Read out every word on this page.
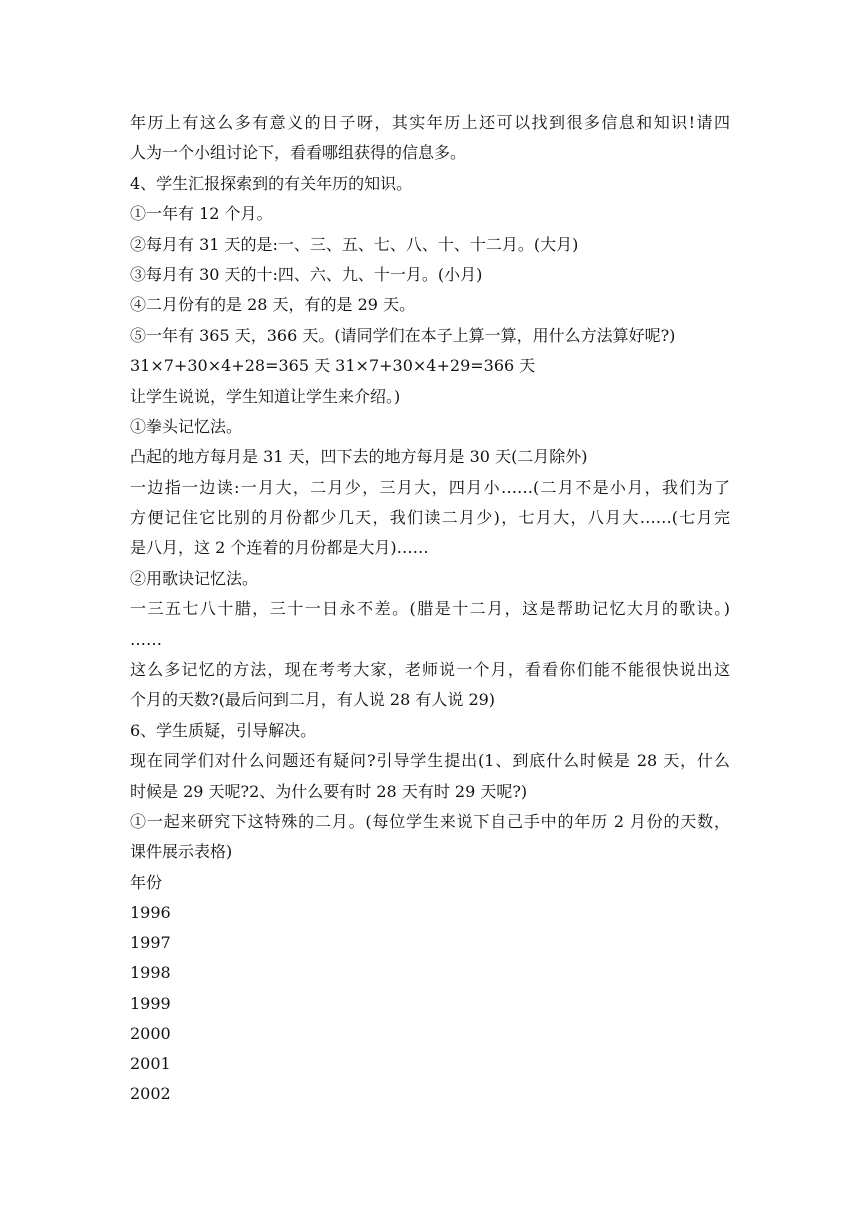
年历上有这么多有意义的日子呀，其实年历上还可以找到很多信息和知识!请四
人为一个小组讨论下，看看哪组获得的信息多。
4、学生汇报探索到的有关年历的知识。
①一年有 12 个月。
②每月有 31 天的是:一、三、五、七、八、十、十二月。(大月)
③每月有 30 天的十:四、六、九、十一月。(小月)
④二月份有的是 28 天，有的是 29 天。
⑤一年有 365 天，366 天。(请同学们在本子上算一算，用什么方法算好呢?)
31×7+30×4+28=365 天 31×7+30×4+29=366 天
让学生说说，学生知道让学生来介绍。)
①拳头记忆法。
凸起的地方每月是 31 天，凹下去的地方每月是 30 天(二月除外)
一边指一边读:一月大，二月少，三月大，四月小……(二月不是小月，我们为了
方便记住它比别的月份都少几天，我们读二月少)，七月大，八月大……(七月完
是八月，这 2 个连着的月份都是大月)……
②用歌诀记忆法。
一三五七八十腊，三十一日永不差。(腊是十二月，这是帮助记忆大月的歌诀。)
……
这么多记忆的方法，现在考考大家，老师说一个月，看看你们能不能很快说出这
个月的天数?(最后问到二月，有人说 28 有人说 29)
6、学生质疑，引导解决。
现在同学们对什么问题还有疑问?引导学生提出(1、到底什么时候是 28 天，什么
时候是 29 天呢?2、为什么要有时 28 天有时 29 天呢?)
①一起来研究下这特殊的二月。(每位学生来说下自己手中的年历 2 月份的天数，
课件展示表格)
年份
1996
1997
1998
1999
2000
2001
2002
